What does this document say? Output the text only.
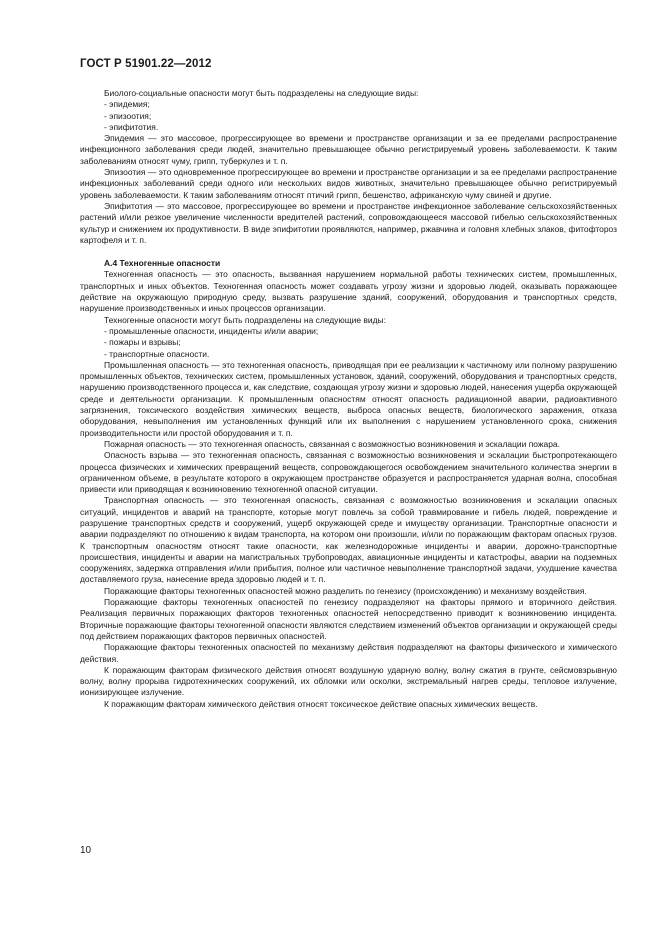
ГОСТ Р 51901.22—2012

Биолого-социальные опасности могут быть подразделены на следующие виды:

- эпидемия;

- эпизоотия;

- эпифитотия.

Эпидемия — это массовое, прогрессирующее во времени и пространстве организации и за ее пределами распространение инфекционного заболевания среди людей, значительно превышающее обычно регистрируемый уровень заболеваемости. К таким заболеваниям относят чуму, грипп, туберкулез и т. п.

Эпизоотия — это одновременное прогрессирующее во времени и пространстве организации и за ее пределами распространение инфекционных заболеваний среди одного или нескольких видов животных, значительно превышающее обычно регистрируемый уровень заболеваемости. К таким заболеваниям относят птичий грипп, бешенство, африканскую чуму свиней и другие.

Эпифитотия — это массовое, прогрессирующее во времени и пространстве инфекционное заболевание сельскохозяйственных растений и/или резкое увеличение численности вредителей растений, сопровождающееся массовой гибелью сельскохозяйственных культур и снижением их продуктивности. В виде эпифитотии проявляются, например, ржавчина и головня хлебных злаков, фитофтороз картофеля и т. п.

А.4 Техногенные опасности

Техногенная опасность — это опасность, вызванная нарушением нормальной работы технических систем, промышленных, транспортных и иных объектов. Техногенная опасность может создавать угрозу жизни и здоровью людей, оказывать поражающее действие на окружающую природную среду, вызвать разрушение зданий, сооружений, оборудования и транспортных средств, нарушение производственных и иных процессов организации.

Техногенные опасности могут быть подразделены на следующие виды:

- промышленные опасности, инциденты и/или аварии;

- пожары и взрывы;

- транспортные опасности.

Промышленная опасность — это техногенная опасность, приводящая при ее реализации к частичному или полному разрушению промышленных объектов, технических систем, промышленных установок, зданий, сооружений, оборудования и транспортных средств, нарушению производственного процесса и, как следствие, создающая угрозу жизни и здоровью людей, нанесения ущерба окружающей среде и деятельности организации. К промышленным опасностям относят опасность радиационной аварии, радиоактивного загрязнения, токсического воздействия химических веществ, выброса опасных веществ, биологического заражения, отказа оборудования, невыполнения им установленных функций или их выполнения с нарушением установленного срока, снижения производительности или простой оборудования и т. п.

Пожарная опасность — это техногенная опасность, связанная с возможностью возникновения и эскалации пожара.

Опасность взрыва — это техногенная опасность, связанная с возможностью возникновения и эскалации быстропротекающего процесса физических и химических превращений веществ, сопровождающегося освобождением значительного количества энергии в ограниченном объеме, в результате которого в окружающем пространстве образуется и распространяется ударная волна, способная привести или приводящая к возникновению техногенной опасной ситуации.

Транспортная опасность — это техногенная опасность, связанная с возможностью возникновения и эскалации опасных ситуаций, инцидентов и аварий на транспорте, которые могут повлечь за собой травмирование и гибель людей, повреждение и разрушение транспортных средств и сооружений, ущерб окружающей среде и имуществу организации. Транспортные опасности и аварии подразделяют по отношению к видам транспорта, на котором они произошли, и/или по поражающим факторам опасных грузов. К транспортным опасностям относят такие опасности, как железнодорожные инциденты и аварии, дорожно-транспортные происшествия, инциденты и аварии на магистральных трубопроводах, авиационные инциденты и катастрофы, аварии на подземных сооружениях, задержка отправления и/или прибытия, полное или частичное невыполнение транспортной задачи, ухудшение качества доставляемого груза, нанесение вреда здоровью людей и т. п.

Поражающие факторы техногенных опасностей можно разделить по генезису (происхождению) и механизму воздействия.

Поражающие факторы техногенных опасностей по генезису подразделяют на факторы прямого и вторичного действия. Реализация первичных поражающих факторов техногенных опасностей непосредственно приводит к возникновению инцидента. Вторичные поражающие факторы техногенной опасности являются следствием изменений объектов организации и окружающей среды под действием поражающих факторов первичных опасностей.

Поражающие факторы техногенных опасностей по механизму действия подразделяют на факторы физического и химического действия.

К поражающим факторам физического действия относят воздушную ударную волну, волну сжатия в грунте, сейсмовзрывную волну, волну прорыва гидротехнических сооружений, их обломки или осколки, экстремальный нагрев среды, тепловое излучение, ионизирующее излучение.

К поражающим факторам химического действия относят токсическое действие опасных химических веществ.

10
